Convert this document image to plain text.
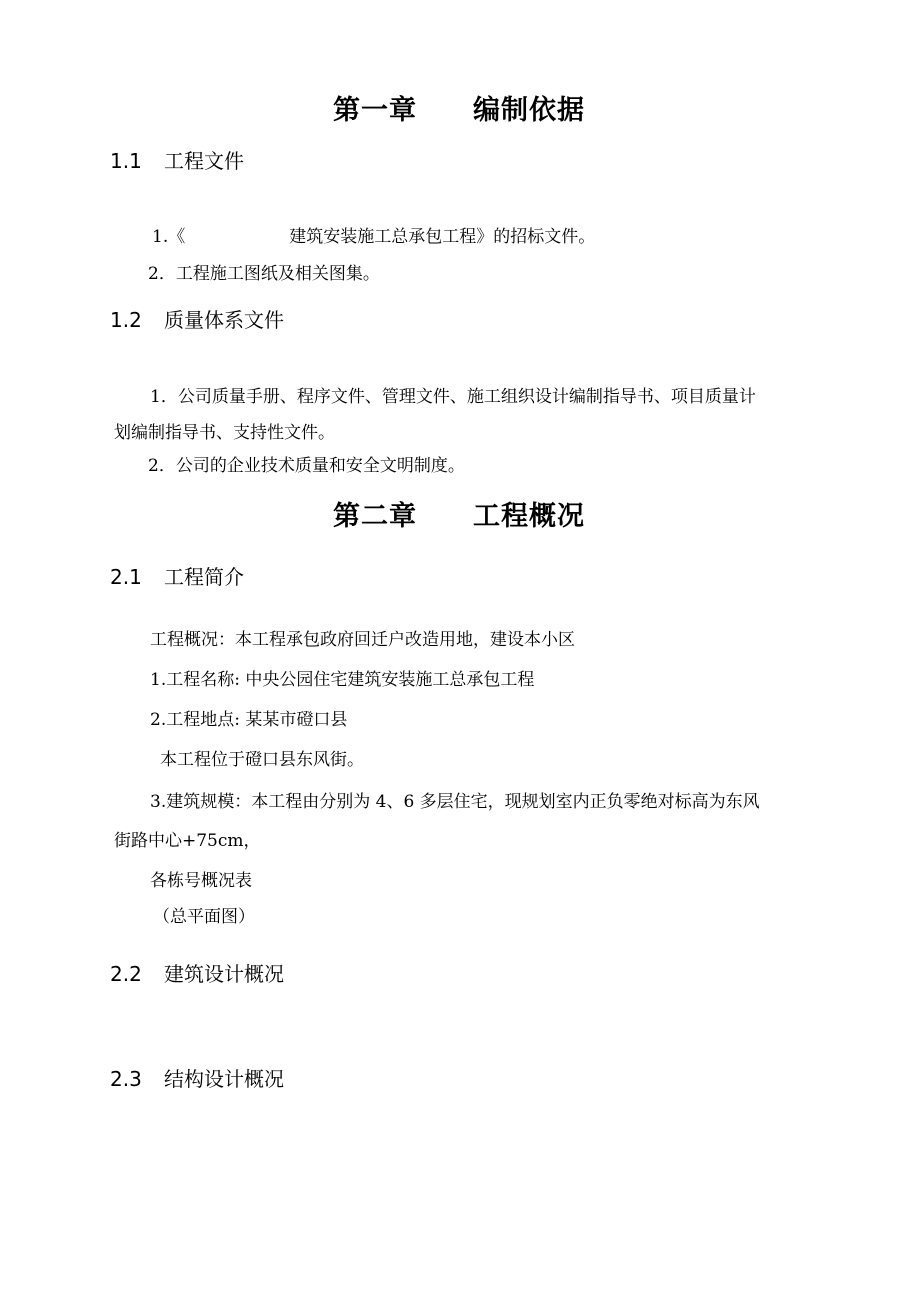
第一章 编制依据
1.1 工程文件
1.《	建筑安装施工总承包工程》的招标文件。
2．工程施工图纸及相关图集。
1.2 质量体系文件
1．公司质量手册、程序文件、管理文件、施工组织设计编制指导书、项目质量计
划编制指导书、支持性文件。
2．公司的企业技术质量和安全文明制度。
第二章 工程概况
2.1 工程简介
工程概况：本工程承包政府回迁户改造用地，建设本小区
1.工程名称: 中央公园住宅建筑安装施工总承包工程
2.工程地点: 某某市磴口县
本工程位于磴口县东风街。
3.建筑规模：本工程由分别为 4、6 多层住宅，现规划室内正负零绝对标高为东风
街路中心+75cm，
各栋号概况表
（总平面图）
2.2 建筑设计概况
2.3 结构设计概况
